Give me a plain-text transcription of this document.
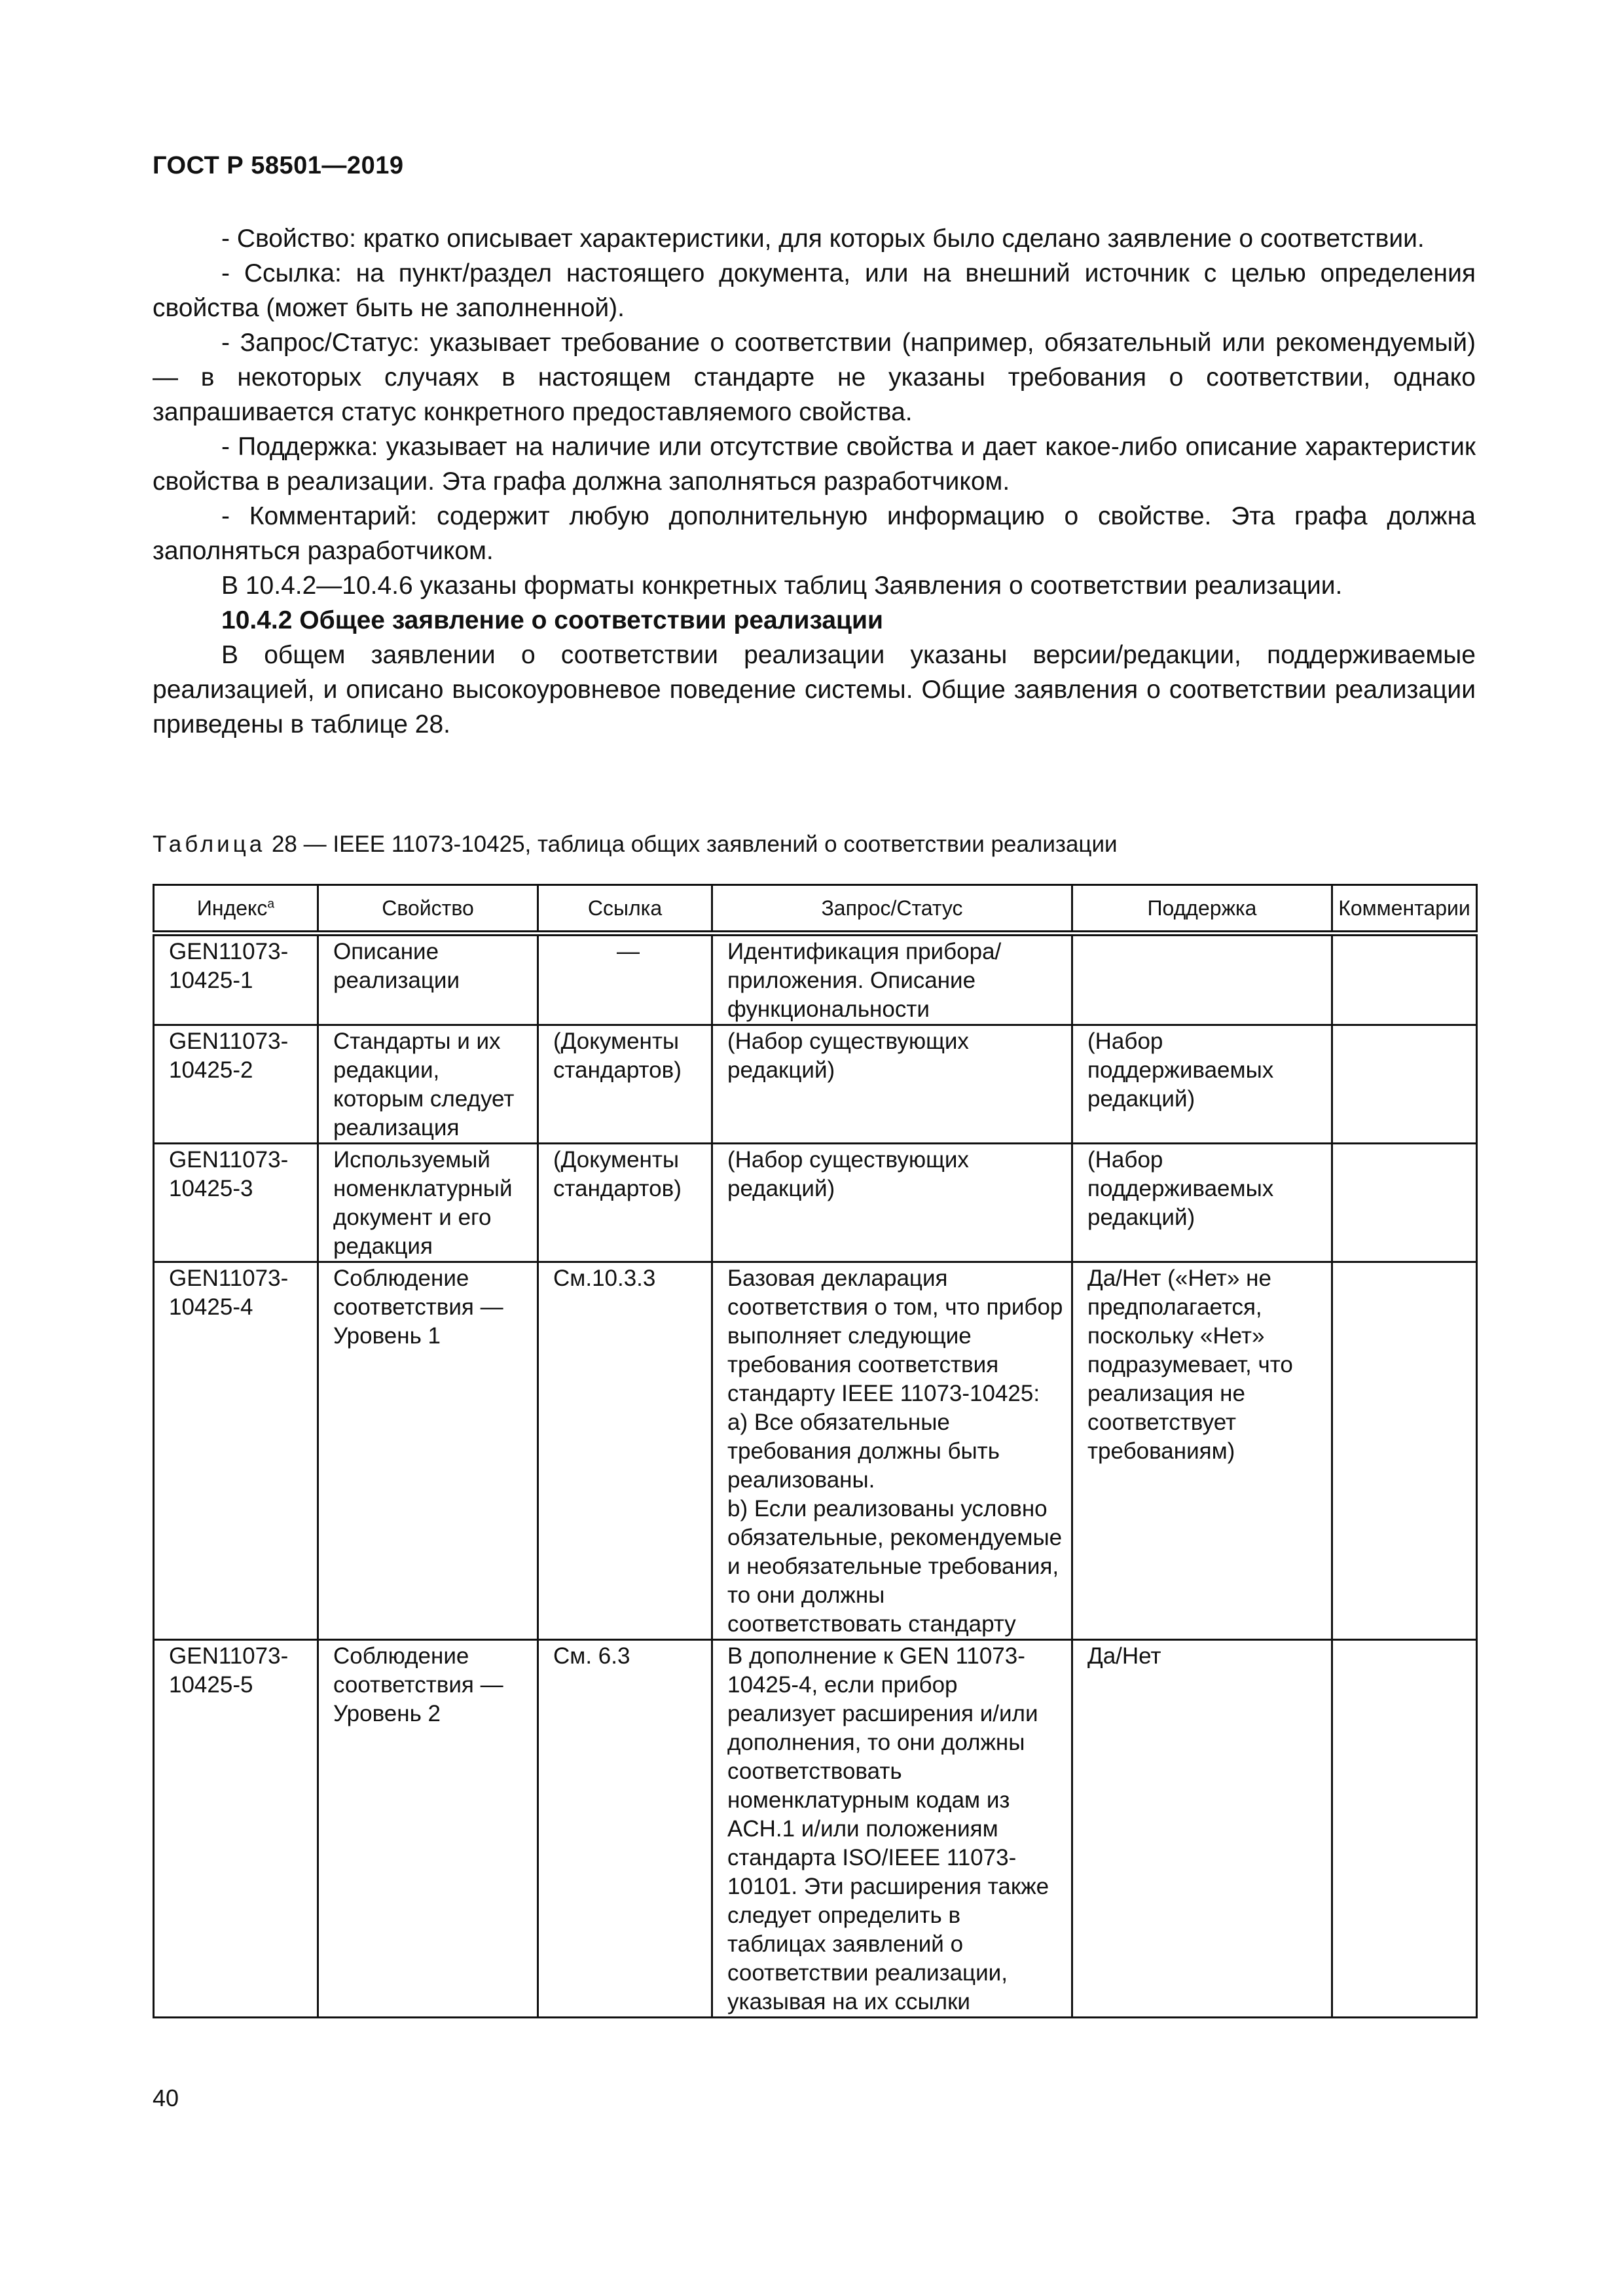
ГОСТ Р 58501—2019

- Свойство: кратко описывает характеристики, для которых было сделано заявление о соответствии.

- Ссылка: на пункт/раздел настоящего документа, или на внешний источник с целью определения свойства (может быть не заполненной).

- Запрос/Статус: указывает требование о соответствии (например, обязательный или рекомендуемый) — в некоторых случаях в настоящем стандарте не указаны требования о соответствии, однако запрашивается статус конкретного предоставляемого свойства.

- Поддержка: указывает на наличие или отсутствие свойства и дает какое-либо описание характеристик свойства в реализации. Эта графа должна заполняться разработчиком.

- Комментарий: содержит любую дополнительную информацию о свойстве. Эта графа должна заполняться разработчиком.

В 10.4.2—10.4.6 указаны форматы конкретных таблиц Заявления о соответствии реализации.

10.4.2 Общее заявление о соответствии реализации

В общем заявлении о соответствии реализации указаны версии/редакции, поддерживаемые реализацией, и описано высокоуровневое поведение системы. Общие заявления о соответствии реализации приведены в таблице 28.

Таблица 28 — IEEE 11073-10425, таблица общих заявлений о соответствии реализации
Индекс$^a$	Свойство	Ссылка	Запрос/Статус	Поддержка	Комментарии
GEN11073-10425-1	Описание реализации	—	Идентификация прибора/приложения. Описание функциональности		
GEN11073-10425-2	Стандарты и их редакции, которым следует реализация	(Документы стандартов)	(Набор существующих редакций)	(Набор поддерживаемых редакций)	
GEN11073-10425-3	Используемый номенклатурный документ и его редакция	(Документы стандартов)	(Набор существующих редакций)	(Набор поддерживаемых редакций)	
GEN11073-10425-4	Соблюдение соответствия — Уровень 1	См.10.3.3	Базовая декларация соответствия о том, что прибор выполняет следующие требования соответствия стандарту IEEE 11073-10425:
a) Все обязательные требования должны быть реализованы.
b) Если реализованы условно обязательные, рекомендуемые и необязательные требования, то они должны соответствовать стандарту	Да/Нет («Нет» не предполагается, поскольку «Нет» подразумевает, что реализация не соответствует требованиям)	
GEN11073-10425-5	Соблюдение соответствия — Уровень 2	См. 6.3	В дополнение к GEN 11073-10425-4, если прибор реализует расширения и/или дополнения, то они должны соответствовать номенклатурным кодам из ACH.1 и/или положениям стандарта ISO/IEEE 11073-10101. Эти расширения также следует определить в таблицах заявлений о соответствии реализации, указывая на их ссылки	Да/Нет	
40
